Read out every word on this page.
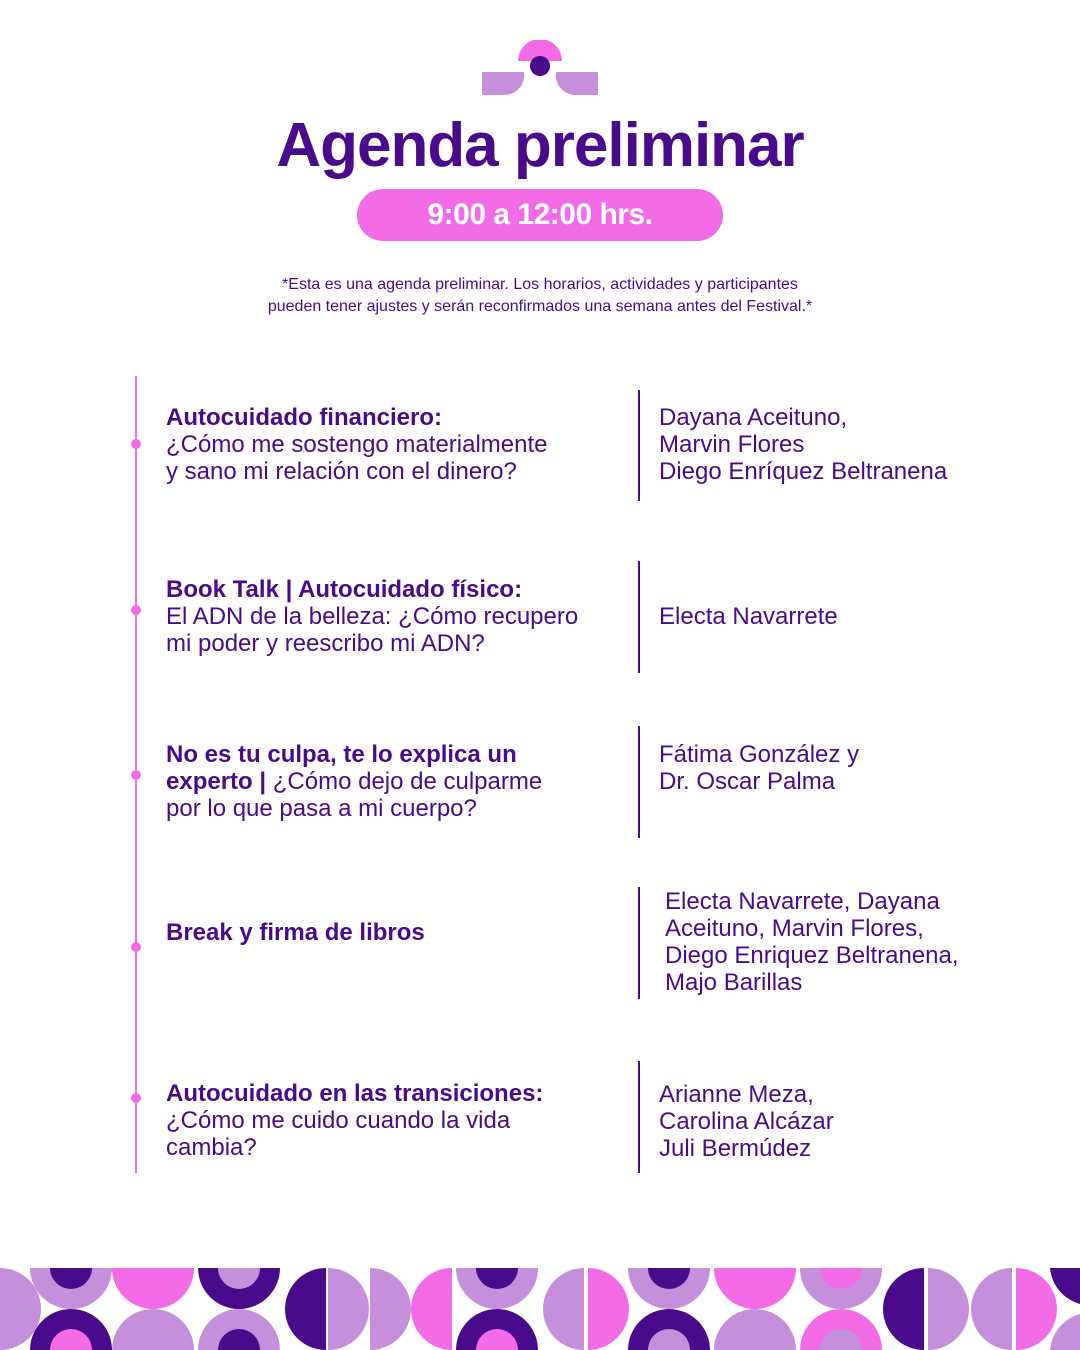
Agenda preliminar
9:00 a 12:00 hrs.
*Esta es una agenda preliminar. Los horarios, actividades y participantes
pueden tener ajustes y serán reconfirmados una semana antes del Festival.*
Autocuidado financiero:
¿Cómo me sostengo materialmente
y sano mi relación con el dinero?
Dayana Aceituno,
Marvin Flores
Diego Enríquez Beltranena
Book Talk | Autocuidado físico:
El ADN de la belleza: ¿Cómo recupero
mi poder y reescribo mi ADN?
Electa Navarrete
No es tu culpa, te lo explica un
experto | ¿Cómo dejo de culparme
por lo que pasa a mi cuerpo?
Fátima González y
Dr. Oscar Palma
Break y firma de libros
Electa Navarrete, Dayana
Aceituno, Marvin Flores,
Diego Enriquez Beltranena,
Majo Barillas
Autocuidado en las transiciones:
¿Cómo me cuido cuando la vida
cambia?
Arianne Meza,
Carolina Alcázar
Juli Bermúdez
